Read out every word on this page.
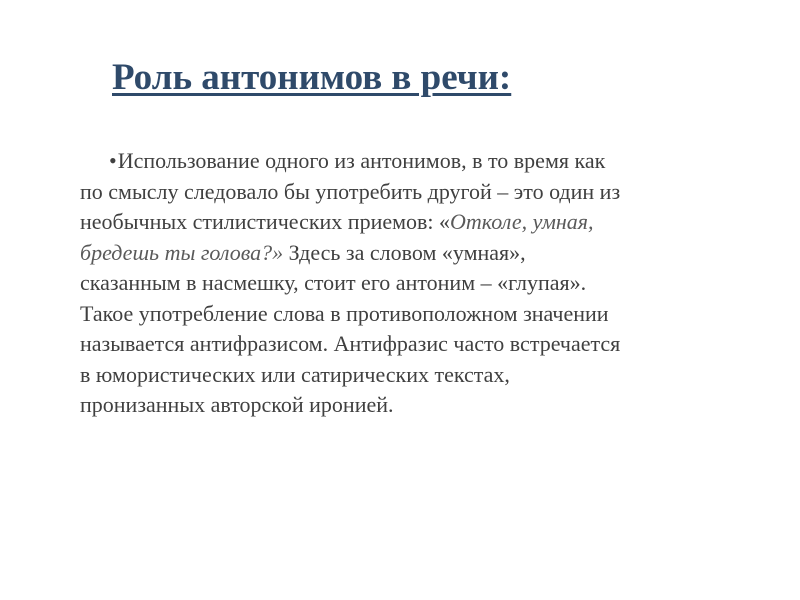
Роль антонимов в речи:
•Использование одного из антонимов, в то время как
по смыслу следовало бы употребить другой – это один из
необычных стилистических приемов: «Отколе, умная,
бредешь ты голова?» Здесь за словом «умная»,
сказанным в насмешку, стоит его антоним – «глупая».
Такое употребление слова в противоположном значении
называется антифразисом. Антифразис часто встречается
в юмористических или сатирических текстах,
пронизанных авторской иронией.
